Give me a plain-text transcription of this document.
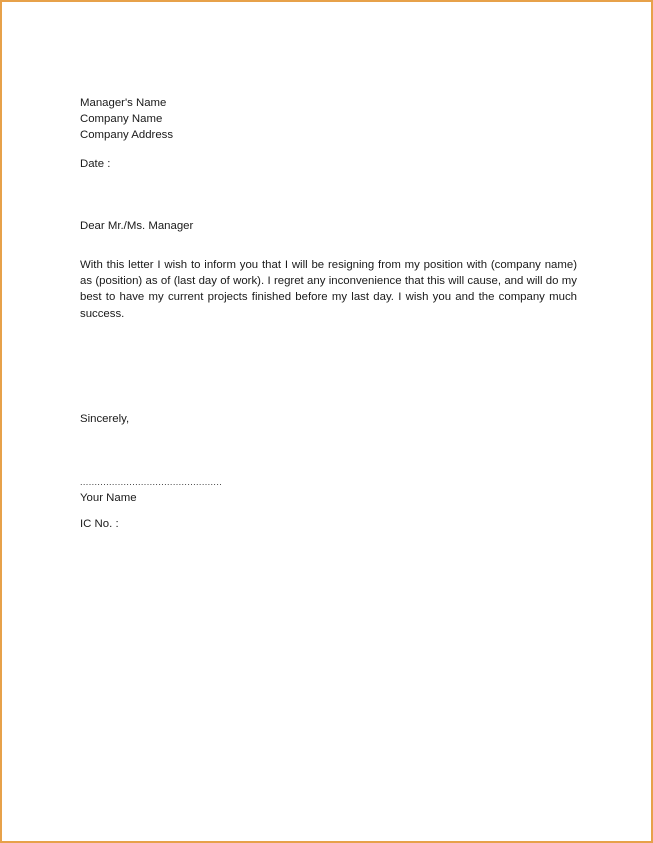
Manager's Name
Company Name
Company Address
Date :
Dear Mr./Ms. Manager
With this letter I wish to inform you that I will be resigning from my position with (company name) as (position) as of (last day of work). I regret any inconvenience that this will cause, and will do my best to have my current projects finished before my last day. I wish you and the company much success.
Sincerely,
.................................................
Your Name
IC No. :
